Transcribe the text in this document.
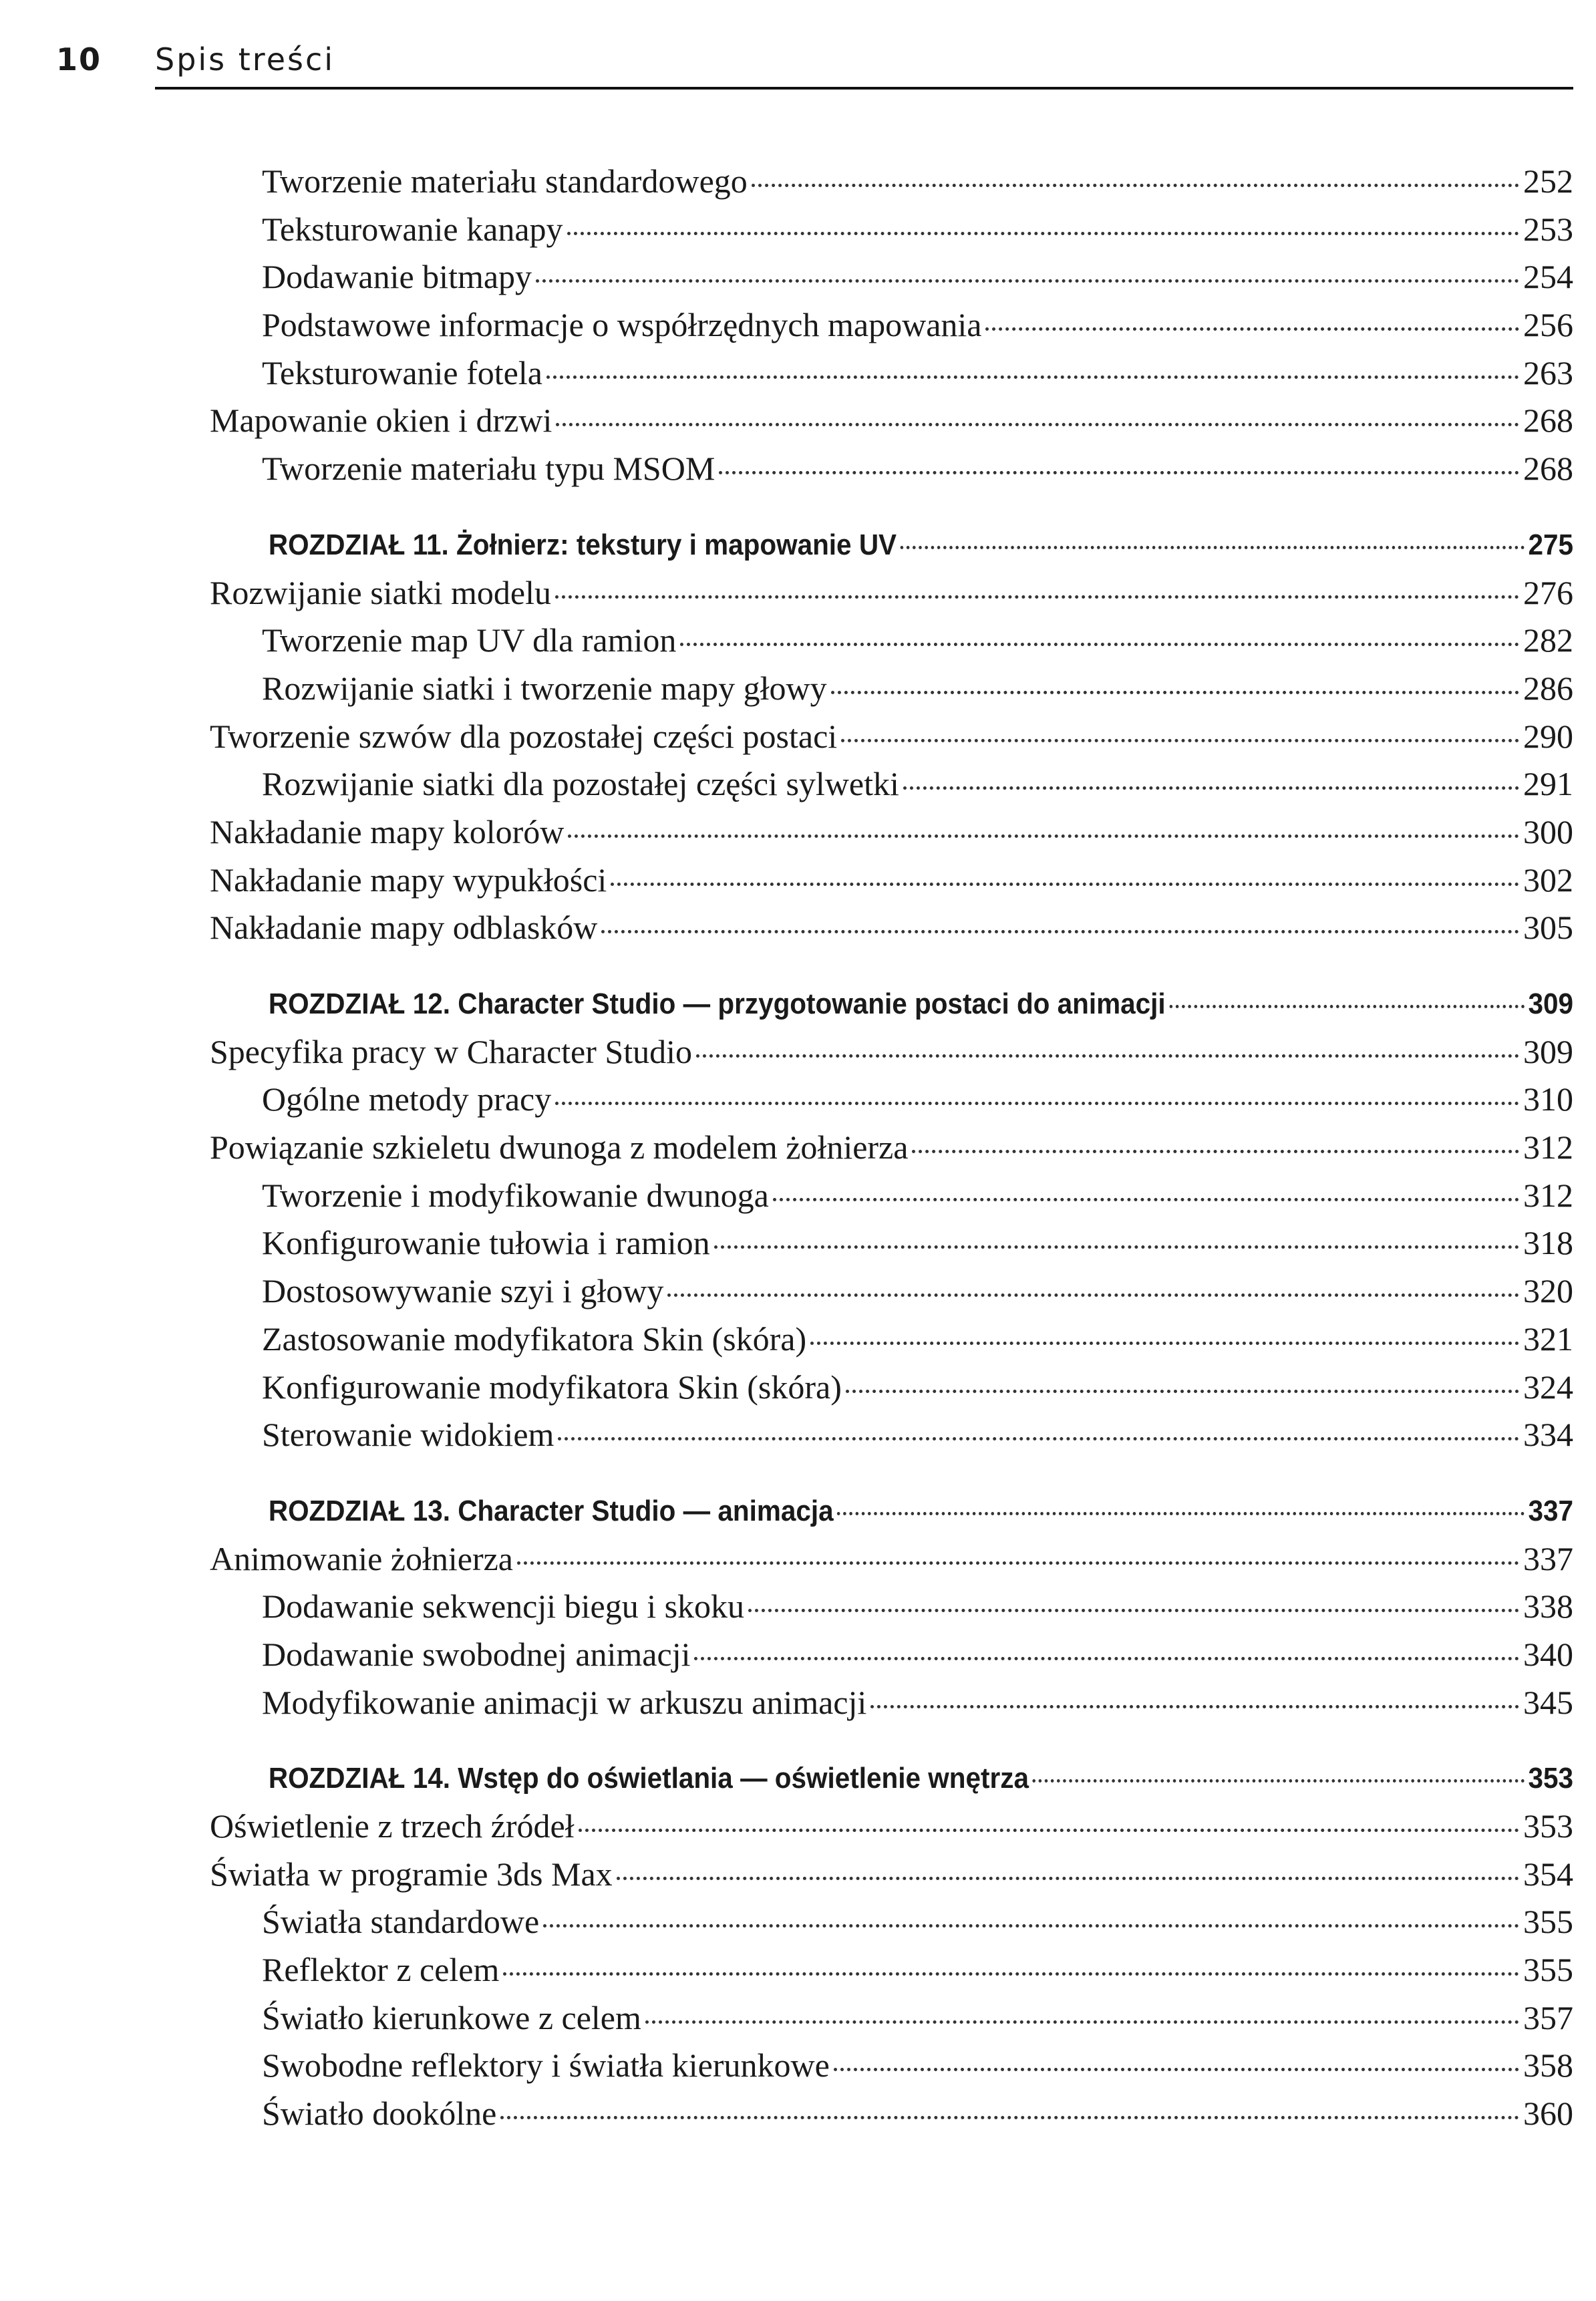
10 Spis treści
Tworzenie materiału standardowego	252
Teksturowanie kanapy	253
Dodawanie bitmapy	254
Podstawowe informacje o współrzędnych mapowania	256
Teksturowanie fotela	263
Mapowanie okien i drzwi	268
Tworzenie materiału typu MSOM	268
ROZDZIAŁ 11. Żołnierz: tekstury i mapowanie UV	275
Rozwijanie siatki modelu	276
Tworzenie map UV dla ramion	282
Rozwijanie siatki i tworzenie mapy głowy	286
Tworzenie szwów dla pozostałej części postaci	290
Rozwijanie siatki dla pozostałej części sylwetki	291
Nakładanie mapy kolorów	300
Nakładanie mapy wypukłości	302
Nakładanie mapy odblasków	305
ROZDZIAŁ 12. Character Studio — przygotowanie postaci do animacji	309
Specyfika pracy w Character Studio	309
Ogólne metody pracy	310
Powiązanie szkieletu dwunoga z modelem żołnierza	312
Tworzenie i modyfikowanie dwunoga	312
Konfigurowanie tułowia i ramion	318
Dostosowywanie szyi i głowy	320
Zastosowanie modyfikatora Skin (skóra)	321
Konfigurowanie modyfikatora Skin (skóra)	324
Sterowanie widokiem	334
ROZDZIAŁ 13. Character Studio — animacja	337
Animowanie żołnierza	337
Dodawanie sekwencji biegu i skoku	338
Dodawanie swobodnej animacji	340
Modyfikowanie animacji w arkuszu animacji	345
ROZDZIAŁ 14. Wstęp do oświetlania — oświetlenie wnętrza	353
Oświetlenie z trzech źródeł	353
Światła w programie 3ds Max	354
Światła standardowe	355
Reflektor z celem	355
Światło kierunkowe z celem	357
Swobodne reflektory i światła kierunkowe	358
Światło dookólne	360
